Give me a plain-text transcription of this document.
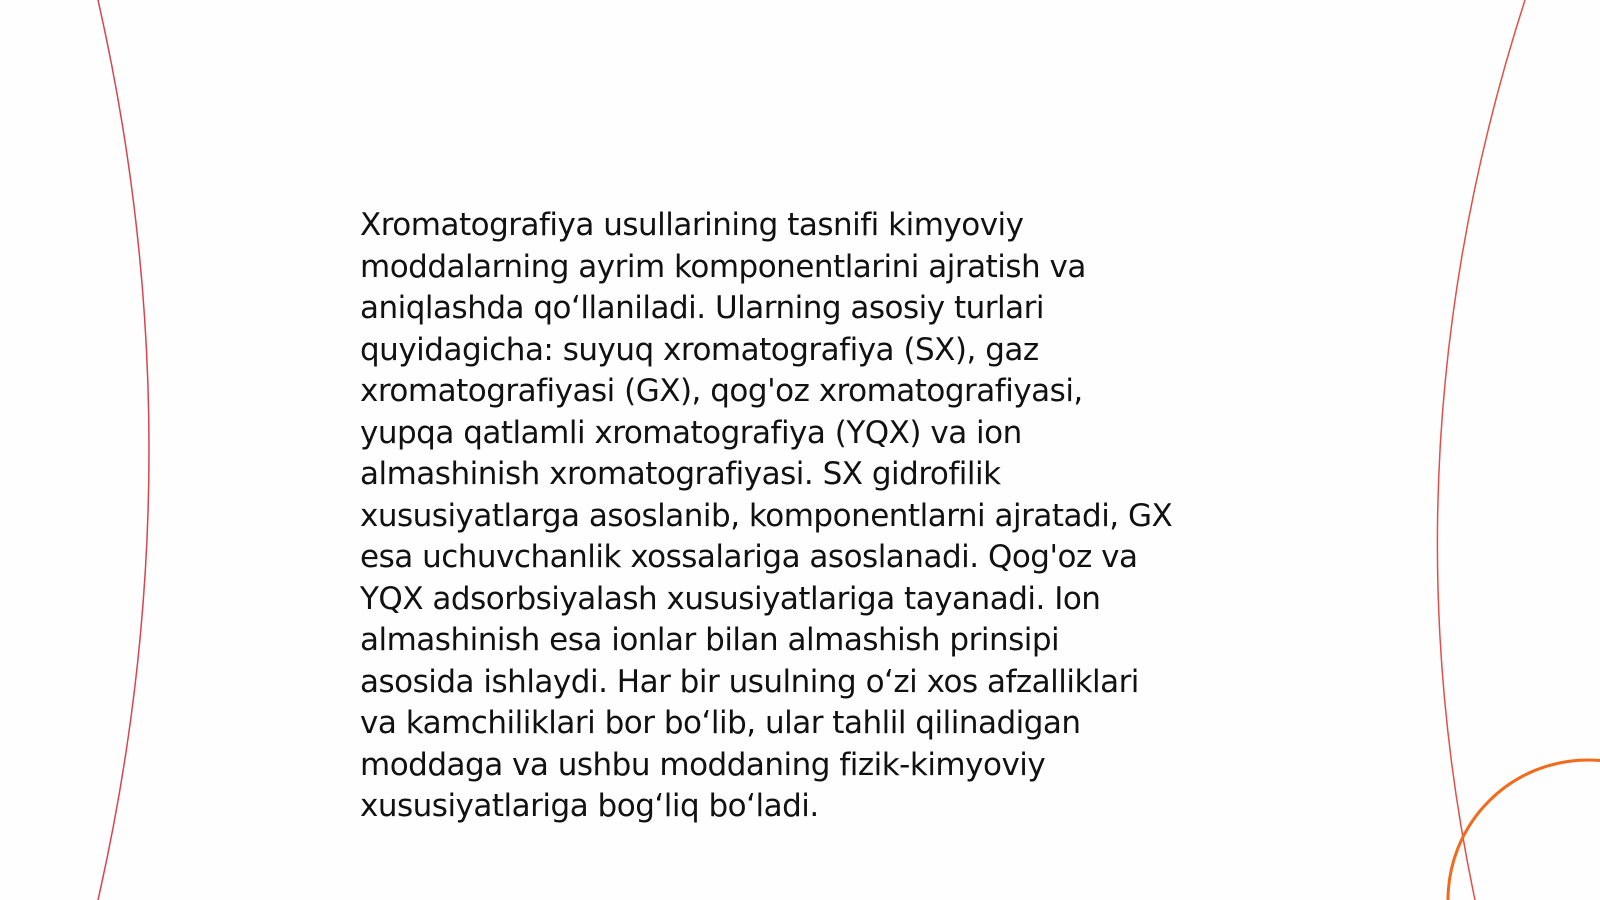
Xromatografiya usullarining tasnifi kimyoviy
moddalarning ayrim komponentlarini ajratish va
aniqlashda qo‘llaniladi. Ularning asosiy turlari
quyidagicha: suyuq xromatografiya (SX), gaz
xromatografiyasi (GX), qog'oz xromatografiyasi,
yupqa qatlamli xromatografiya (YQX) va ion
almashinish xromatografiyasi. SX gidrofilik
xususiyatlarga asoslanib, komponentlarni ajratadi, GX
esa uchuvchanlik xossalariga asoslanadi. Qog'oz va
YQX adsorbsiyalash xususiyatlariga tayanadi. Ion
almashinish esa ionlar bilan almashish prinsipi
asosida ishlaydi. Har bir usulning o‘zi xos afzalliklari
va kamchiliklari bor bo‘lib, ular tahlil qilinadigan
moddaga va ushbu moddaning fizik-kimyoviy
xususiyatlariga bog‘liq bo‘ladi.
